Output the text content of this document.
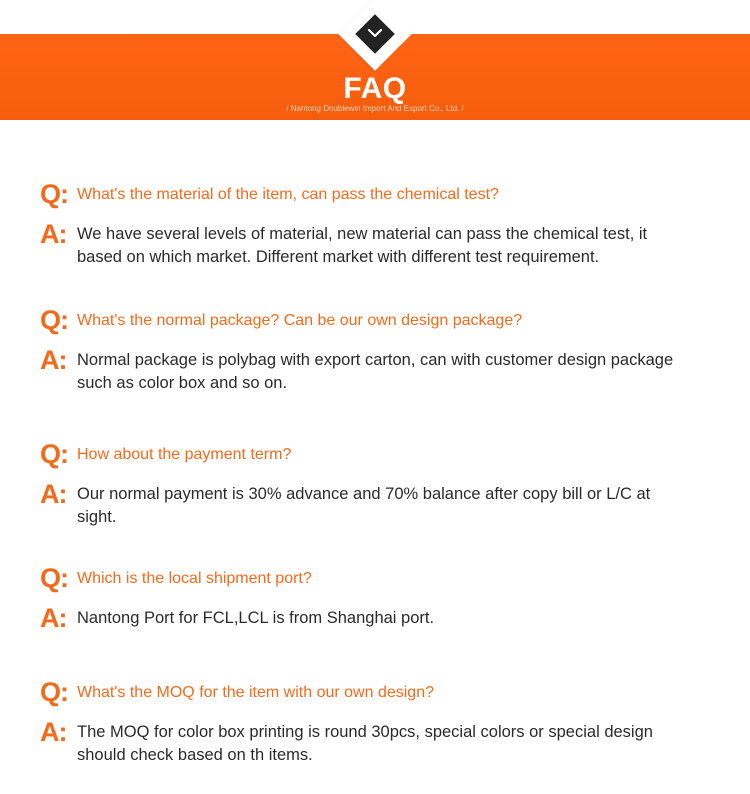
FAQ
/ Nantong Doublewin Import And Export Co., Ltd. /
Q: What's the material of the item, can pass the chemical test?
A: We have several levels of material, new material can pass the chemical test, it based on which market. Different market with different test requirement.
Q: What's the normal package? Can be our own design package?
A: Normal package is polybag with export carton, can with customer design package such as color box and so on.
Q: How about the payment term?
A: Our normal payment is 30% advance and 70% balance after copy bill or L/C at sight.
Q: Which is the local shipment port?
A: Nantong Port for FCL,LCL is from Shanghai port.
Q: What's the MOQ for the item with our own design?
A: The MOQ for color box printing is round 30pcs, special colors or special design should check based on th items.
